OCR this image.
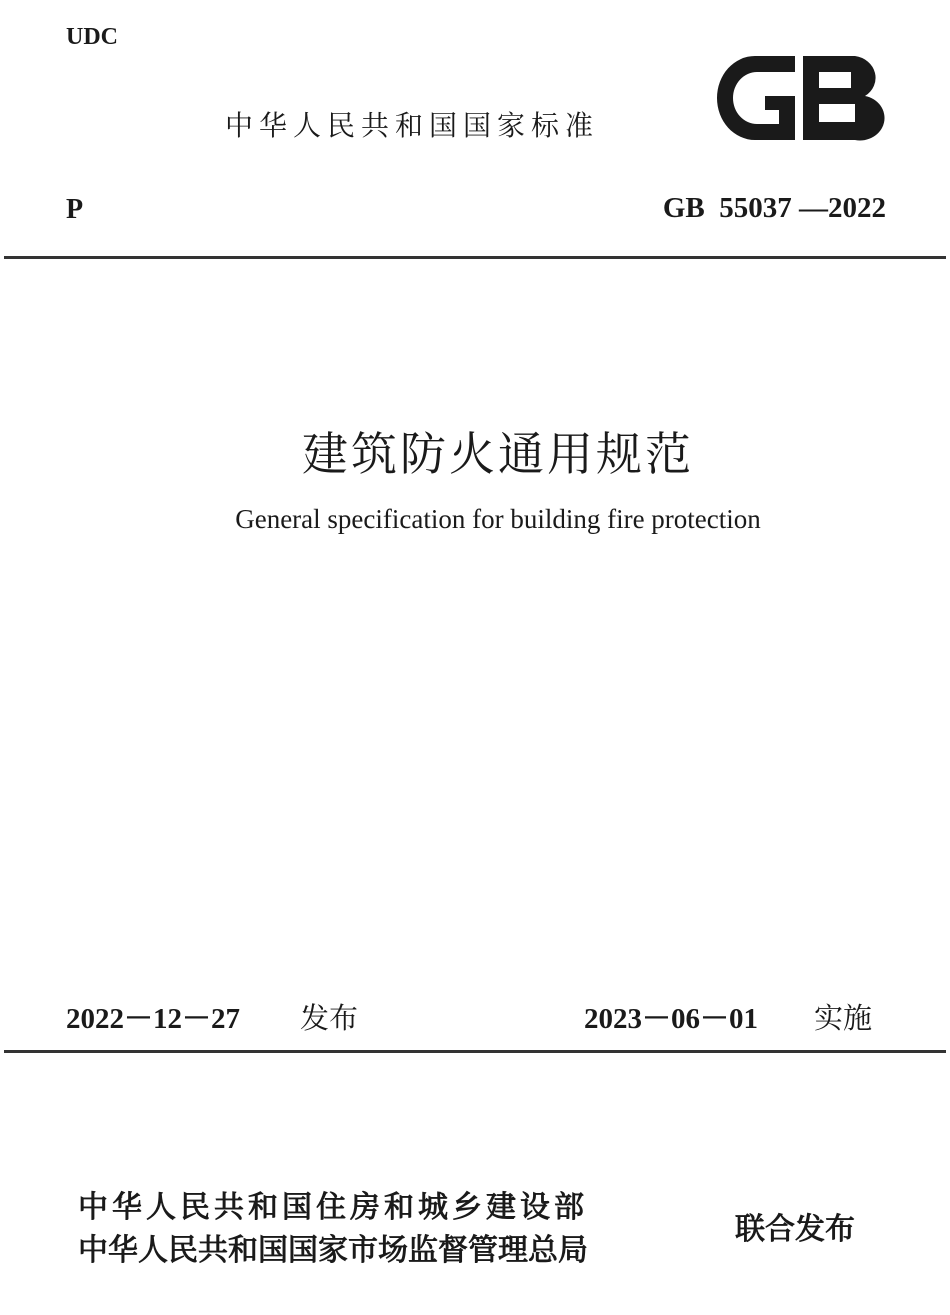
UDC
中华人民共和国国家标准
P	GB  55037 —2022
建筑防火通用规范
General specification for building fire protection
2022－12－27 发布	2023－06－01 实施
中华人民共和国住房和城乡建设部
中华人民共和国国家市场监督管理总局
联合发布
